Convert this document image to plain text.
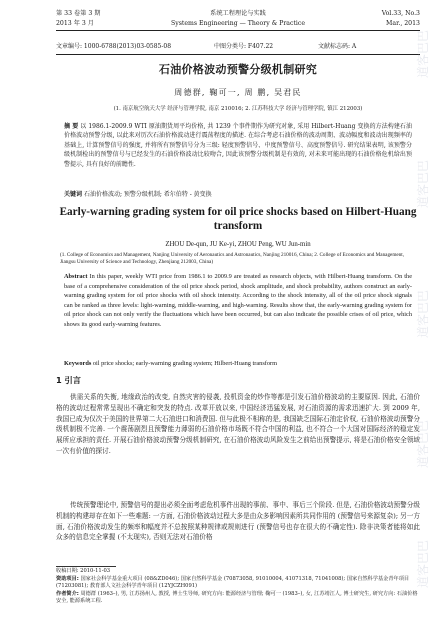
第 33 卷第 3 期	系统工程理论与实践	Vol.33, No.3
2013 年 3 月	Systems Engineering — Theory & Practice	Mar., 2013
文章编号: 1000-6788(2013)03-0585-08	中图分类号: F407.22	文献标志码: A
石油价格波动预警分级机制研究
周德群, 鞠可一, 周 鹏, 吴君民
(1. 南京航空航天大学 经济与管理学院, 南京 210016; 2. 江苏科技大学 经济与管理学院, 镇江 212003)
摘 要 以 1986.1-2009.9 WTI 原油期货周平均价格, 共 1239 个事件期作为研究对象, 采用 Hilbert-Huang 变换的方法构建石油价格波动预警分级, 以此来对历次石油价格波动进行震荡程度的描述. 在综合考虑石油价格的波动周期、波动幅度和波动出现频率的基础上, 计算预警信号的强度, 并将所有预警信号分为三级: 轻度预警信号、中度预警信号、高度预警信号. 研究结果表明, 该预警分级机制检出的预警信号与已经发生的石油价格波动比较吻合, 因此该预警分级机制是有效的, 对未来可能出现的石油价格危机给出预警提示, 具有良好的前瞻性.
关键词 石油价格波动; 预警分级机制; 希尔伯特 - 黄变换
Early-warning grading system for oil price shocks based on Hilbert-Huang transform
ZHOU De-qun, JU Ke-yi, ZHOU Peng, WU Jun-min
(1. College of Economics and Management, Nanjing University of Aeronautics and Astronautics, Nanjing 210016, China; 2. College of Economics and Management, Jiangsu University of Science and Technology, Zhenjiang 212003, China)
Abstract In this paper, weekly WTI price from 1986.1 to 2009.9 are treated as research objects, with Hilbert-Huang transform. On the base of a comprehensive consideration of the oil price shock period, shock amplitude, and shock probability, authors construct an early-warning grading system for oil price shocks with oil shock intensity. According to the shock intensity, all of the oil price shock signals can be ranked as three levels: light-warning, middle-warning, and high-warning. Results show that, the early-warning grading system for oil price shock can not only verify the fluctuations which have been occurred, but can also indicate the possible crises of oil price, which shows its good early-warning features.
Keywords oil price shocks; early-warning grading system; Hilbert-Huang transform
1 引言
供需关系的失衡, 地缘政治的改变, 自然灾害的侵袭, 投机资金的炒作等都是引发石油价格波动的主要原因. 因此, 石油价格的波动过程常常呈现出不确定和突发的特点. 改革开放以来, 中国经济迅猛发展, 对石油资源的需求迅速扩大. 到 2009 年, 我国已成为仅次于美国的世界第二大石油进口和消费国. 但与此极不相称的是, 我国缺乏国际石油定价权, 石油价格波动预警分级机制极不完善. 一个震荡剧烈且预警能力薄弱的石油价格市场既不符合中国的利益, 也不符合一个大国对国际经济的稳定发展所应承担的责任. 开展石油价格波动预警分级机制研究, 在石油价格波动风险发生之前给出预警提示, 将是石油价格安全领域一次有价值的探讨.
传统预警理论中, 预警信号的提出必须全面考虑危机事件出现的事前、事中、事后三个阶段. 但是, 石油价格波动预警分级机制的构建却存在如下一些难题: 一方面, 石油价格波动过程大多是由众多影响因素所共同作用的 (预警信号来源复杂); 另一方面, 石油价格波动发生的频率和幅度并不总按照某种规律或规则进行 (预警信号也存在很大的不确定性). 除非决策者能将如此众多的信息完全掌握 (不太现实), 否则无法对石油价格
收稿日期: 2010-11-03
资助项目: 国家社会科学基金重大项目 (08&ZD046); 国家自然科学基金 (70873058, 91010004, 41071318, 71041008); 国家自然科学基金青年项目 (71203081); 教育部人文社会科学青年项目 (12YJCZH091)
作者简介: 周德群 (1963–), 男, 江苏扬州人, 教授, 博士生导师, 研究方向: 能源经济与管理; 鞠可一 (1983–), 女, 江苏靖江人, 博士研究生, 研究方向: 石油价格安全, 能源系统工程.
道客巴巴
道客巴巴
道客巴巴
道客巴巴
道客巴巴
